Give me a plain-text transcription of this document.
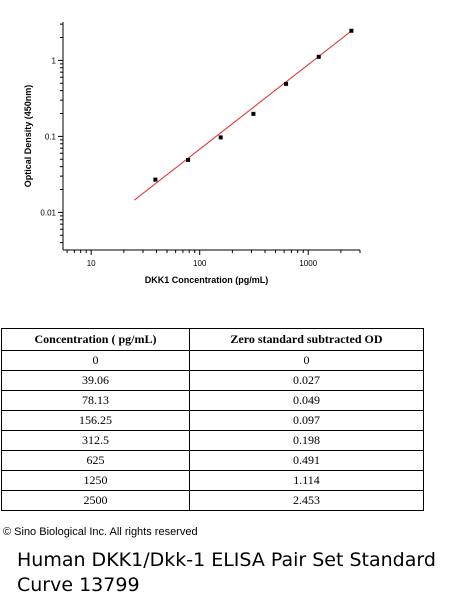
10	100	1000
0.01
0.1
1
DKK1 Concentration (pg/mL)
Optical Density (450nm)
Concentration ( pg/mL)	Zero standard subtracted OD
0	0
39.06	0.027
78.13	0.049
156.25	0.097
312.5	0.198
625	0.491
1250	1.114
2500	2.453
© Sino Biological Inc. All rights reserved
Human DKK1/Dkk-1 ELISA Pair Set Standard Curve 13799
